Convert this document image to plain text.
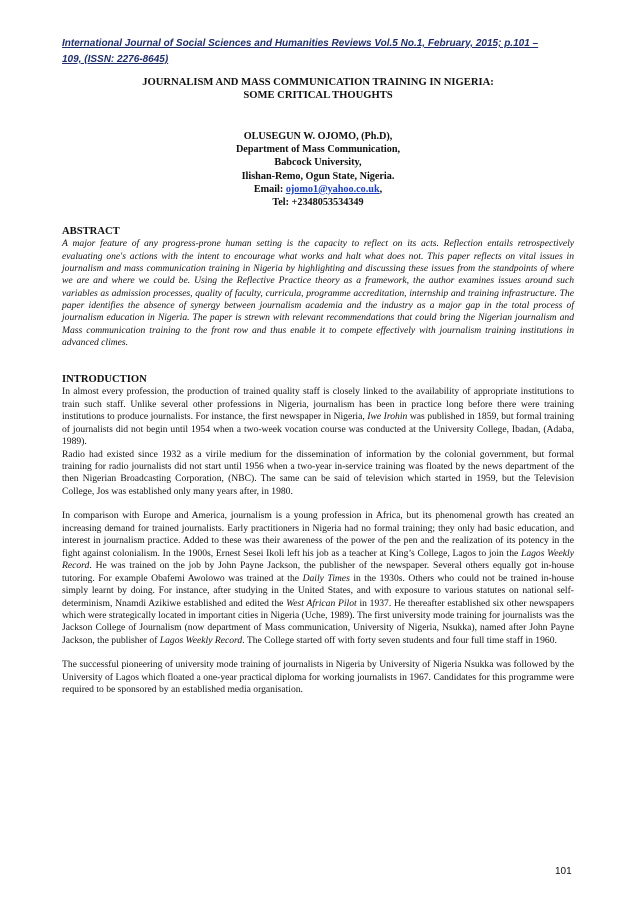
International Journal of Social Sciences and Humanities Reviews Vol.5 No.1, February, 2015; p.101 –
109, (ISSN: 2276-8645)
JOURNALISM AND MASS COMMUNICATION TRAINING IN NIGERIA:
SOME CRITICAL THOUGHTS
OLUSEGUN W. OJOMO, (Ph.D),
Department of Mass Communication,
Babcock University,
Ilishan-Remo, Ogun State, Nigeria.
Email: ojomo1@yahoo.co.uk,
Tel: +2348053534349
ABSTRACT
A major feature of any progress-prone human setting is the capacity to reflect on its acts. Reflection entails retrospectively evaluating one's actions with the intent to encourage what works and halt what does not. This paper reflects on vital issues in journalism and mass communication training in Nigeria by highlighting and discussing these issues from the standpoints of where we are and where we could be. Using the Reflective Practice theory as a framework, the author examines issues around such variables as admission processes, quality of faculty, curricula, programme accreditation, internship and training infrastructure. The paper identifies the absence of synergy between journalism academia and the industry as a major gap in the total process of journalism education in Nigeria. The paper is strewn with relevant recommendations that could bring the Nigerian journalism and Mass communication training to the front row and thus enable it to compete effectively with journalism training institutions in advanced climes.
INTRODUCTION

In almost every profession, the production of trained quality staff is closely linked to the availability of appropriate institutions to train such staff. Unlike several other professions in Nigeria, journalism has been in practice long before there were training institutions to produce journalists. For instance, the first newspaper in Nigeria, Iwe Irohin was published in 1859, but formal training of journalists did not begin until 1954 when a two-week vocation course was conducted at the University College, Ibadan, (Adaba, 1989).

Radio had existed since 1932 as a virile medium for the dissemination of information by the colonial government, but formal training for radio journalists did not start until 1956 when a two-year in-service training was floated by the news department of the then Nigerian Broadcasting Corporation, (NBC). The same can be said of television which started in 1959, but the Television College, Jos was established only many years after, in 1980.

In comparison with Europe and America, journalism is a young profession in Africa, but its phenomenal growth has created an increasing demand for trained journalists. Early practitioners in Nigeria had no formal training; they only had basic education, and interest in journalism practice. Added to these was their awareness of the power of the pen and the realization of its potency in the fight against colonialism. In the 1900s, Ernest Sesei Ikoli left his job as a teacher at King’s College, Lagos to join the Lagos Weekly Record. He was trained on the job by John Payne Jackson, the publisher of the newspaper. Several others equally got in-house tutoring. For example Obafemi Awolowo was trained at the Daily Times in the 1930s. Others who could not be trained in-house simply learnt by doing. For instance, after studying in the United States, and with exposure to various statutes on national self-determinism, Nnamdi Azikiwe established and edited the West African Pilot in 1937. He thereafter established six other newspapers which were strategically located in important cities in Nigeria (Uche, 1989). The first university mode training for journalists was the Jackson College of Journalism (now department of Mass communication, University of Nigeria, Nsukka), named after John Payne Jackson, the publisher of Lagos Weekly Record. The College started off with forty seven students and four full time staff in 1960.

The successful pioneering of university mode training of journalists in Nigeria by University of Nigeria Nsukka was followed by the University of Lagos which floated a one-year practical diploma for working journalists in 1967. Candidates for this programme were required to be sponsored by an established media organisation.

101
